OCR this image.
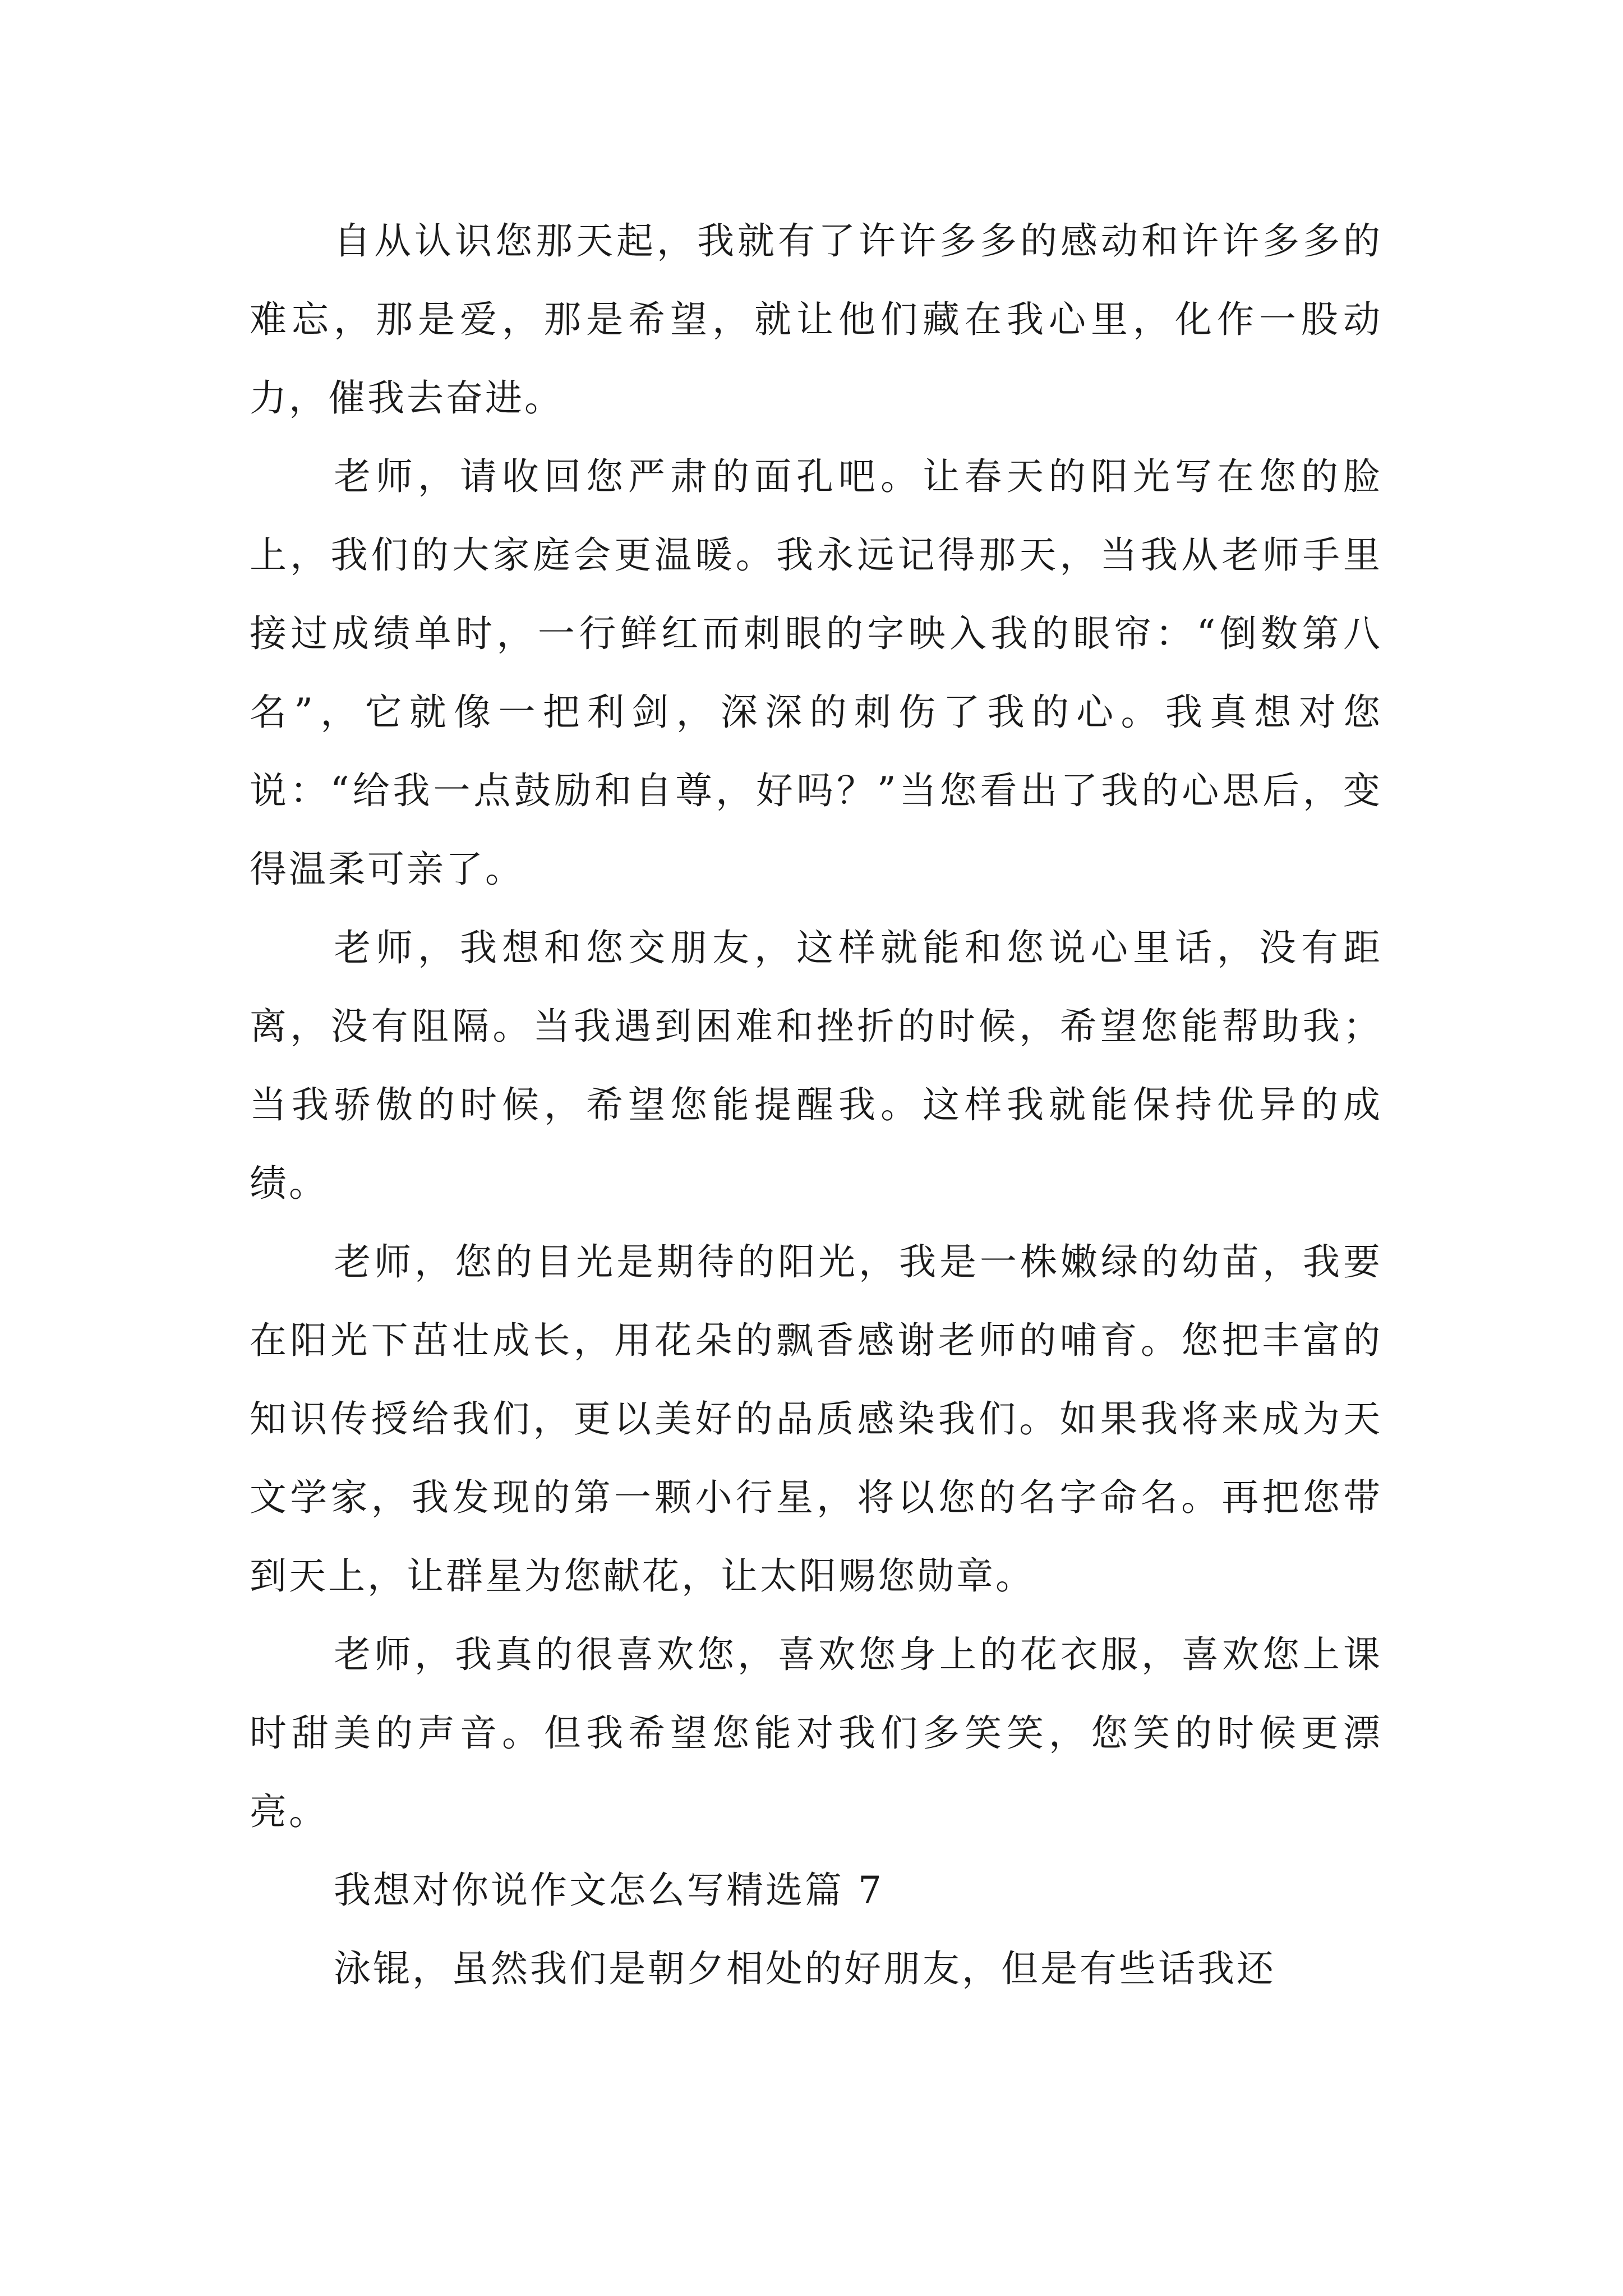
自从认识您那天起，我就有了许许多多的感动和许许多多的难忘，那是爱，那是希望，就让他们藏在我心里，化作一股动力，催我去奋进。

老师，请收回您严肃的面孔吧。让春天的阳光写在您的脸上，我们的大家庭会更温暖。我永远记得那天，当我从老师手里接过成绩单时，一行鲜红而刺眼的字映入我的眼帘：“倒数第八名”，它就像一把利剑，深深的刺伤了我的心。我真想对您说：“给我一点鼓励和自尊，好吗？”当您看出了我的心思后，变得温柔可亲了。

老师，我想和您交朋友，这样就能和您说心里话，没有距离，没有阻隔。当我遇到困难和挫折的时候，希望您能帮助我；当我骄傲的时候，希望您能提醒我。这样我就能保持优异的成绩。

老师，您的目光是期待的阳光，我是一株嫩绿的幼苗，我要在阳光下茁壮成长，用花朵的飘香感谢老师的哺育。您把丰富的知识传授给我们，更以美好的品质感染我们。如果我将来成为天文学家，我发现的第一颗小行星，将以您的名字命名。再把您带到天上，让群星为您献花，让太阳赐您勋章。

老师，我真的很喜欢您，喜欢您身上的花衣服，喜欢您上课时甜美的声音。但我希望您能对我们多笑笑，您笑的时候更漂亮。

我想对你说作文怎么写精选篇 7

泳锟，虽然我们是朝夕相处的好朋友，但是有些话我还
